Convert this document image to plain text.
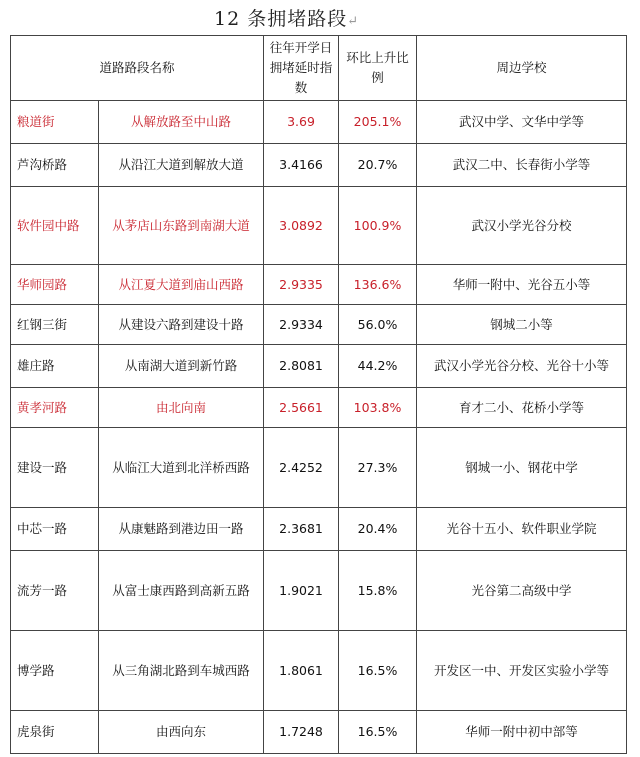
12 条拥堵路段↵
道路路段名称		往年开学日拥堵延时指数	环比上升比例	周边学校
粮道街	从解放路至中山路	3.69	205.1%	武汉中学、文华中学等
芦沟桥路	从沿江大道到解放大道	3.4166	20.7%	武汉二中、长春街小学等
软件园中路	从茅店山东路到南湖大道	3.0892	100.9%	武汉小学光谷分校
华师园路	从江夏大道到庙山西路	2.9335	136.6%	华师一附中、光谷五小等
红钢三街	从建设六路到建设十路	2.9334	56.0%	钢城二小等
雄庄路	从南湖大道到新竹路	2.8081	44.2%	武汉小学光谷分校、光谷十小等
黄孝河路	由北向南	2.5661	103.8%	育才二小、花桥小学等
建设一路	从临江大道到北洋桥西路	2.4252	27.3%	钢城一小、钢花中学
中芯一路	从康魅路到港边田一路	2.3681	20.4%	光谷十五小、软件职业学院
流芳一路	从富士康西路到高新五路	1.9021	15.8%	光谷第二高级中学
博学路	从三角湖北路到车城西路	1.8061	16.5%	开发区一中、开发区实验小学等
虎泉街	由西向东	1.7248	16.5%	华师一附中初中部等
